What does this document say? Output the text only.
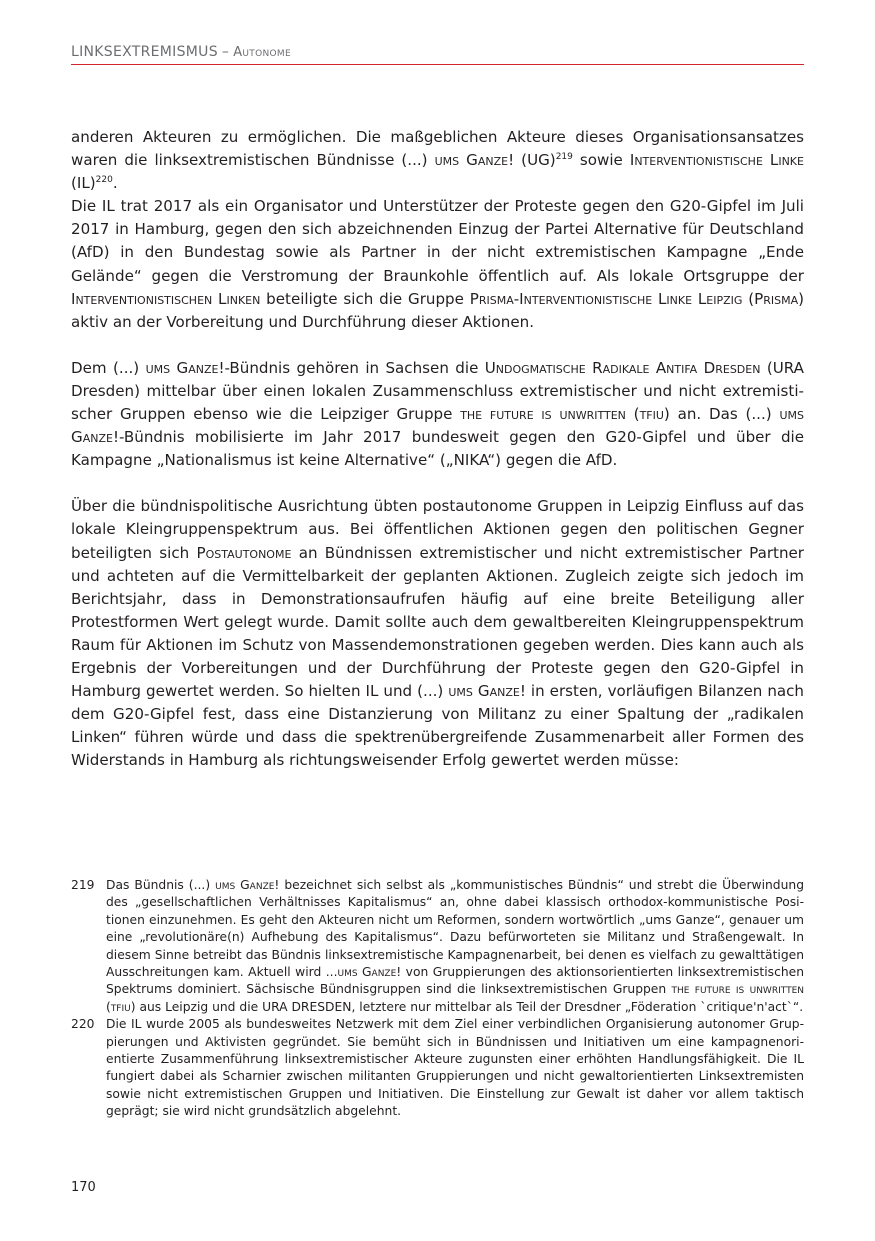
LINKSEXTREMISMUS – Autonome

anderen Akteuren zu ermöglichen. Die maßgeblichen Akteure dieses Organisationsansatzes waren die linksextremistischen Bündnisse (...) ums Ganze! (UG)$^{219}$ sowie Interventionistische Linke (IL)$^{220}$.
Die IL trat 2017 als ein Organisator und Unterstützer der Proteste gegen den G20-Gipfel im Juli 2017 in Hamburg, gegen den sich abzeichnenden Einzug der Partei Alternative für Deutschland (AfD) in den Bundestag sowie als Partner in der nicht extremistischen Kampagne „Ende Gelände“ gegen die Verstromung der Braunkohle öffentlich auf. Als lokale Ortsgruppe der Interventionistischen Linken beteiligte sich die Gruppe Prisma-Interventionistische Linke Leipzig (Prisma) aktiv an der Vorbereitung und Durchführung dieser Aktionen.

Dem (...) ums Ganze!-Bündnis gehören in Sachsen die Undogmatische Radikale Antifa Dresden (URA Dresden) mittelbar über einen lokalen Zusammenschluss extremistischer und nicht extremistischer Gruppen ebenso wie die Leipziger Gruppe the future is unwritten (tfiu) an. Das (...) ums Ganze!-Bündnis mobilisierte im Jahr 2017 bundesweit gegen den G20-Gipfel und über die Kampagne „Nationalismus ist keine Alternative“ („NIKA“) gegen die AfD.

Über die bündnispolitische Ausrichtung übten postautonome Gruppen in Leipzig Einfluss auf das lokale Kleingruppenspektrum aus. Bei öffentlichen Aktionen gegen den politischen Gegner beteiligten sich Postautonome an Bündnissen extremistischer und nicht extremistischer Partner und achteten auf die Vermittelbarkeit der geplanten Aktionen. Zugleich zeigte sich jedoch im Berichtsjahr, dass in Demonstrationsaufrufen häufig auf eine breite Beteiligung aller Protestformen Wert gelegt wurde. Damit sollte auch dem gewaltbereiten Kleingruppenspektrum Raum für Aktionen im Schutz von Massendemonstrationen gegeben werden. Dies kann auch als Ergebnis der Vorbereitungen und der Durchführung der Proteste gegen den G20-Gipfel in Hamburg gewertet werden. So hielten IL und (...) ums Ganze! in ersten, vorläufigen Bilanzen nach dem G20-Gipfel fest, dass eine Distanzierung von Militanz zu einer Spaltung der „radikalen Linken“ führen würde und dass die spektrenübergreifende Zusammenarbeit aller Formen des Widerstands in Hamburg als richtungsweisender Erfolg gewertet werden müsse:

219 Das Bündnis (...) ums Ganze! bezeichnet sich selbst als „kommunistisches Bündnis“ und strebt die Überwindung des „gesellschaftlichen Verhältnisses Kapitalismus“ an, ohne dabei klassisch orthodox-kommunistische Positionen einzunehmen. Es geht den Akteuren nicht um Reformen, sondern wortwörtlich „ums Ganze“, genauer um eine „revolutionäre(n) Aufhebung des Kapitalismus“. Dazu befürworteten sie Militanz und Straßengewalt. In diesem Sinne betreibt das Bündnis linksextremistische Kampagnenarbeit, bei denen es vielfach zu gewalttätigen Ausschreitungen kam. Aktuell wird ...ums Ganze! von Gruppierungen des aktionsorientierten linksextremistischen Spektrums dominiert. Sächsische Bündnisgruppen sind die linksextremistischen Gruppen the future is unwritten (tfiu) aus Leipzig und die URA DRESDEN, letztere nur mittelbar als Teil der Dresdner „Föderation `critique'n'act`“.
220 Die IL wurde 2005 als bundesweites Netzwerk mit dem Ziel einer verbindlichen Organisierung autonomer Gruppierungen und Aktivisten gegründet. Sie bemüht sich in Bündnissen und Initiativen um eine kampagnenorientierte Zusammenführung linksextremistischer Akteure zugunsten einer erhöhten Handlungsfähigkeit. Die IL fungiert dabei als Scharnier zwischen militanten Gruppierungen und nicht gewaltorientierten Linksextremisten sowie nicht extremistischen Gruppen und Initiativen. Die Einstellung zur Gewalt ist daher vor allem taktisch geprägt; sie wird nicht grundsätzlich abgelehnt.
170
